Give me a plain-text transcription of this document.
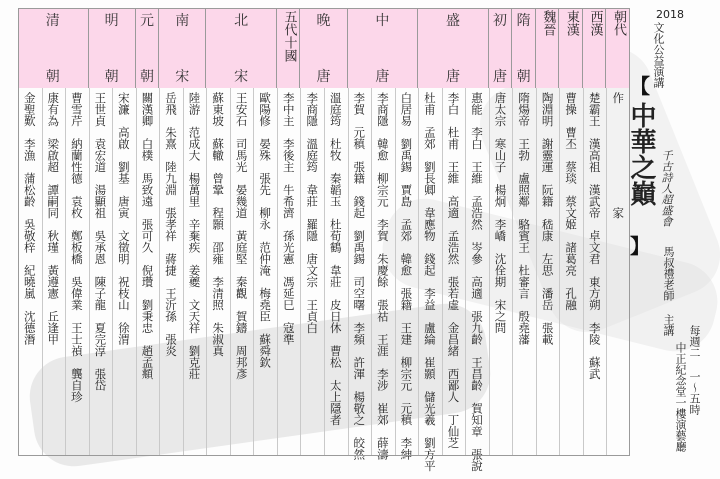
朝代
西漢
東漢
魏晉
隋
朝
初
唐
盛
唐
中
唐
晚
唐
五代十國
北
宋
南
宋
元
朝
明
朝
清
朝
作　　　　　　　　　家
楚霸王　漢高祖　漢武帝　卓文君　東方朔　李陵　蘇武
曹操　曹丕　蔡琰　蔡文姬　諸葛亮　孔融
陶淵明　謝靈運　阮籍　嵇康　左思　潘岳　張載
隋煬帝　王勃　盧照鄰　駱賓王　杜審言　殷堯藩
唐太宗　寒山子　楊炯　李嶠　沈佺期　宋之問
惠能　李白　王維　孟浩然　岑參　高適　張九齡　王昌齡　賀知章　張說
李白　杜甫　王維　高適　孟浩然　張若虛　金昌緒　西鄙人　丁仙芝
杜甫　孟郊　劉長卿　韋應物　錢起　李益　盧綸　崔顥　儲光羲　劉方平
白居易　劉禹錫　賈島　孟郊　韓愈　張籍　王建　柳宗元　元稹　李紳
李商隱　韓愈　柳宗元　李賀　朱慶餘　張祜　王涯　李涉　崔郊　薛濤
李賀　元稹　張籍　錢起　劉禹錫　司空曙　李頻　許渾　楊敬之　皎然
溫庭筠　杜牧　秦韜玉　杜荀鶴　韋莊　皮日休　曹松　太上隱者
李商隱　溫庭筠　韋莊　羅隱　唐文宗　王貞白
李中主　李後主　牛希濟　孫光憲　馮延巳　寇準
歐陽修　晏殊　張先　柳永　范仲淹　梅堯臣　蘇舜欽
王安石　司馬光　晏幾道　黃庭堅　秦觀　賀鑄　周邦彥
蘇東坡　蘇轍　曾鞏　程顥　邵雍　李清照　朱淑真
陸游　范成大　楊萬里　辛棄疾　姜夔　文天祥　劉克莊
岳飛　朱熹　陸九淵　張孝祥　蔣捷　王沂孫　張炎
關漢卿　白樸　馬致遠　張可久　倪瓚　劉秉忠　趙孟頫
宋濂　高啟　劉基　唐寅　文徵明　祝枝山　徐渭
王世貞　袁宏道　湯顯祖　吳承恩　陳子龍　夏完淳　張岱
曹雪芹　納蘭性德　袁枚　鄭板橋　吳偉業　王士禎　龔自珍
康有為　梁啟超　譚嗣同　秋瑾　黃遵憲　丘逢甲
金聖歎　李漁　蒲松齡　吳敬梓　紀曉嵐　沈德潛
2018
文化公益演講
【
中華之巔 千古詩人超盛會
】 馬叔禮老師 主講
每週二 一～五時
中正紀念堂一樓演藝廳
